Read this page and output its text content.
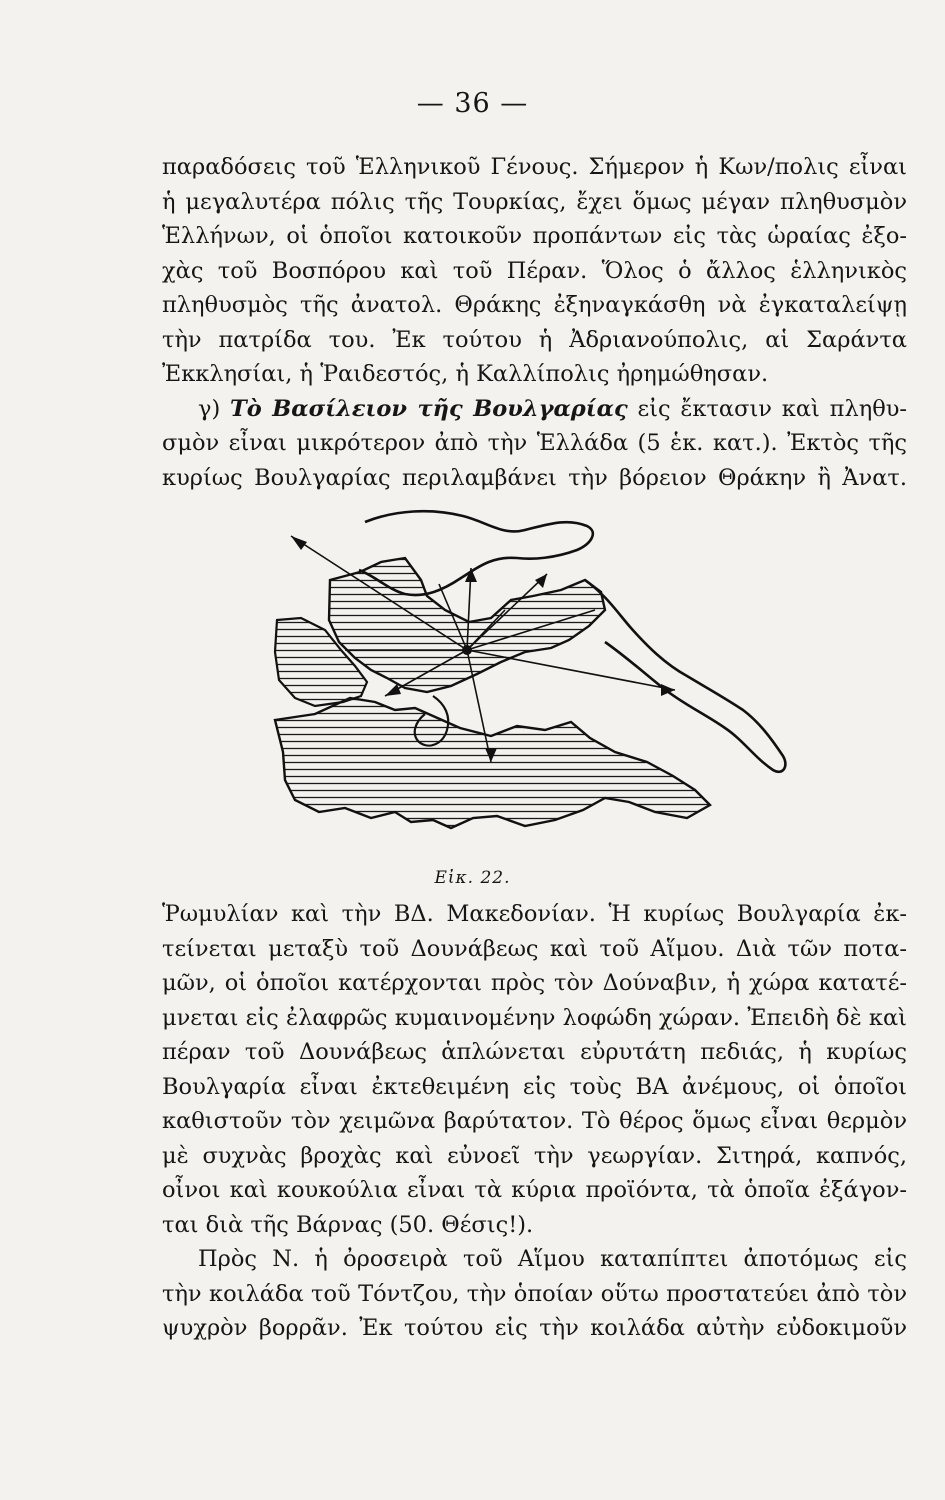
— 36 —
παραδόσεις τοῦ Ἑλληνικοῦ Γένους. Σήμερον ἡ Κων/πολις εἶναι
ἡ μεγαλυτέρα πόλις τῆς Τουρκίας, ἔχει ὅμως μέγαν πληθυσμὸν
Ἑλλήνων, οἱ ὁποῖοι κατοικοῦν προπάντων εἰς τὰς ὡραίας ἐξο-
χὰς τοῦ Βοσπόρου καὶ τοῦ Πέραν. Ὅλος ὁ ἄλλος ἑλληνικὸς
πληθυσμὸς τῆς ἀνατολ. Θράκης ἐξηναγκάσθη νὰ ἐγκαταλείψῃ
τὴν πατρίδα του. Ἐκ τούτου ἡ Ἀδριανούπολις, αἱ Σαράντα
Ἐκκλησίαι, ἡ Ῥαιδεστός, ἡ Καλλίπολις ἠρημώθησαν.
γ) Τὸ Βασίλειον τῆς Βουλγαρίας εἰς ἔκτασιν καὶ πληθυ-
σμὸν εἶναι μικρότερον ἀπὸ τὴν Ἑλλάδα (5 ἑκ. κατ.). Ἐκτὸς τῆς
κυρίως Βουλγαρίας περιλαμβάνει τὴν βόρειον Θράκην ἢ Ἀνατ.
Εἰκ. 22.
Ῥωμυλίαν καὶ τὴν ΒΔ. Μακεδονίαν. Ἡ κυρίως Βουλγαρία ἐκ-
τείνεται μεταξὺ τοῦ Δουνάβεως καὶ τοῦ Αἵμου. Διὰ τῶν ποτα-
μῶν, οἱ ὁποῖοι κατέρχονται πρὸς τὸν Δούναβιν, ἡ χώρα κατατέ-
μνεται εἰς ἐλαφρῶς κυμαινομένην λοφώδη χώραν. Ἐπειδὴ δὲ καὶ
πέραν τοῦ Δουνάβεως ἁπλώνεται εὐρυτάτη πεδιάς, ἡ κυρίως
Βουλγαρία εἶναι ἐκτεθειμένη εἰς τοὺς ΒΑ ἀνέμους, οἱ ὁποῖοι
καθιστοῦν τὸν χειμῶνα βαρύτατον. Τὸ θέρος ὅμως εἶναι θερμὸν
μὲ συχνὰς βροχὰς καὶ εὐνοεῖ τὴν γεωργίαν. Σιτηρά, καπνός,
οἶνοι καὶ κουκούλια εἶναι τὰ κύρια προϊόντα, τὰ ὁποῖα ἐξάγον-
ται διὰ τῆς Βάρνας (50. Θέσις!).
Πρὸς Ν. ἡ ὀροσειρὰ τοῦ Αἵμου καταπίπτει ἀποτόμως εἰς
τὴν κοιλάδα τοῦ Τόντζου, τὴν ὁποίαν οὕτω προστατεύει ἀπὸ τὸν
ψυχρὸν βορρᾶν. Ἐκ τούτου εἰς τὴν κοιλάδα αὐτὴν εὐδοκιμοῦν
